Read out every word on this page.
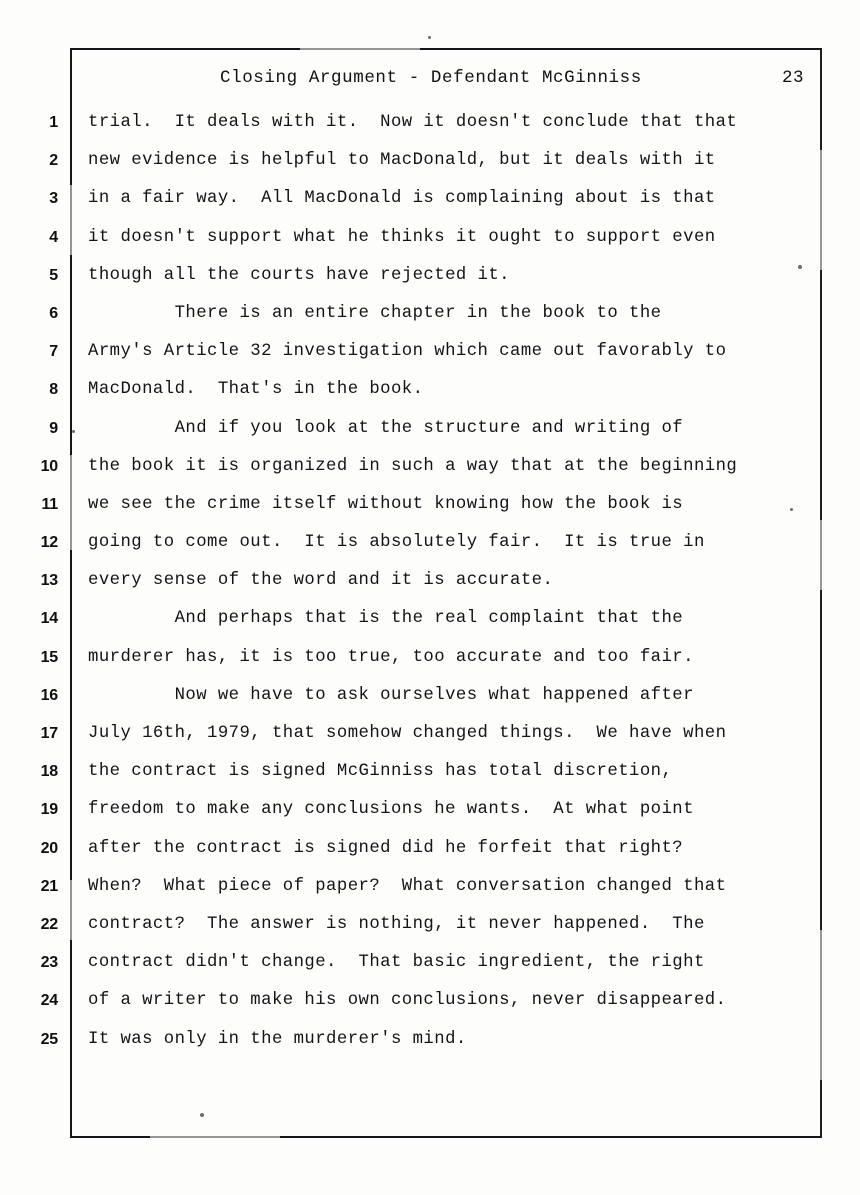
Closing Argument - Defendant McGinniss	23
1 trial.  It deals with it.  Now it doesn't conclude that that
2 new evidence is helpful to MacDonald, but it deals with it
3 in a fair way.  All MacDonald is complaining about is that
4 it doesn't support what he thinks it ought to support even
5 though all the courts have rejected it.
6 There is an entire chapter in the book to the
7 Army's Article 32 investigation which came out favorably to
8 MacDonald.  That's in the book.
9 And if you look at the structure and writing of
10 the book it is organized in such a way that at the beginning
11 we see the crime itself without knowing how the book is
12 going to come out.  It is absolutely fair.  It is true in
13 every sense of the word and it is accurate.
14 And perhaps that is the real complaint that the
15 murderer has, it is too true, too accurate and too fair.
16 Now we have to ask ourselves what happened after
17 July 16th, 1979, that somehow changed things.  We have when
18 the contract is signed McGinniss has total discretion,
19 freedom to make any conclusions he wants.  At what point
20 after the contract is signed did he forfeit that right?
21 When?  What piece of paper?  What conversation changed that
22 contract?  The answer is nothing, it never happened.  The
23 contract didn't change.  That basic ingredient, the right
24 of a writer to make his own conclusions, never disappeared.
25 It was only in the murderer's mind.
